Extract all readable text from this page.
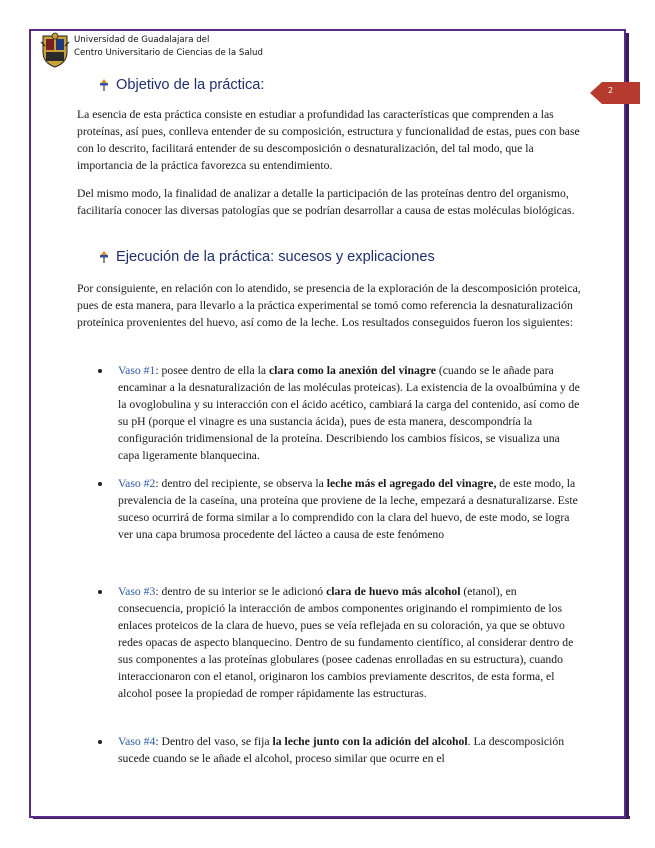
Universidad de Guadalajara del
Centro Universitario de Ciencias de la Salud
2
Objetivo de la práctica:

La esencia de esta práctica consiste en estudiar a profundidad las características que comprenden a las proteínas, así pues, conlleva entender de su composición, estructura y funcionalidad de estas, pues con base con lo descrito, facilitará entender de su descomposición o desnaturalización, del tal modo, que la importancia de la práctica favorezca su entendimiento.

Del mismo modo, la finalidad de analizar a detalle la participación de las proteínas dentro del organismo, facilitaría conocer las diversas patologías que se podrían desarrollar a causa de estas moléculas biológicas.

Ejecución de la práctica: sucesos y explicaciones

Por consiguiente, en relación con lo atendido, se presencia de la exploración de la descomposición proteica, pues de esta manera, para llevarlo a la práctica experimental se tomó como referencia la desnaturalización proteínica provenientes del huevo, así como de la leche. Los resultados conseguidos fueron los siguientes:

Vaso #1: posee dentro de ella la clara como la anexión del vinagre (cuando se le añade para encaminar a la desnaturalización de las moléculas proteicas). La existencia de la ovoalbúmina y de la ovoglobulina y su interacción con el ácido acético, cambiará la carga del contenido, así como de su pH (porque el vinagre es una sustancia ácida), pues de esta manera, descompondría la configuración tridimensional de la proteína. Describiendo los cambios físicos, se visualiza una capa ligeramente blanquecina.

Vaso #2: dentro del recipiente, se observa la leche más el agregado del vinagre, de este modo, la prevalencia de la caseína, una proteína que proviene de la leche, empezará a desnaturalizarse. Este suceso ocurrirá de forma similar a lo comprendido con la clara del huevo, de este modo, se logra ver una capa brumosa procedente del lácteo a causa de este fenómeno

Vaso #3: dentro de su interior se le adicionó clara de huevo más alcohol (etanol), en consecuencia, propició la interacción de ambos componentes originando el rompimiento de los enlaces proteicos de la clara de huevo, pues se veía reflejada en su coloración, ya que se obtuvo redes opacas de aspecto blanquecino. Dentro de su fundamento científico, al considerar dentro de sus componentes a las proteínas globulares (posee cadenas enrolladas en su estructura), cuando interaccionaron con el etanol, originaron los cambios previamente descritos, de esta forma, el alcohol posee la propiedad de romper rápidamente las estructuras.

Vaso #4: Dentro del vaso, se fija la leche junto con la adición del alcohol. La descomposición sucede cuando se le añade el alcohol, proceso similar que ocurre en el
